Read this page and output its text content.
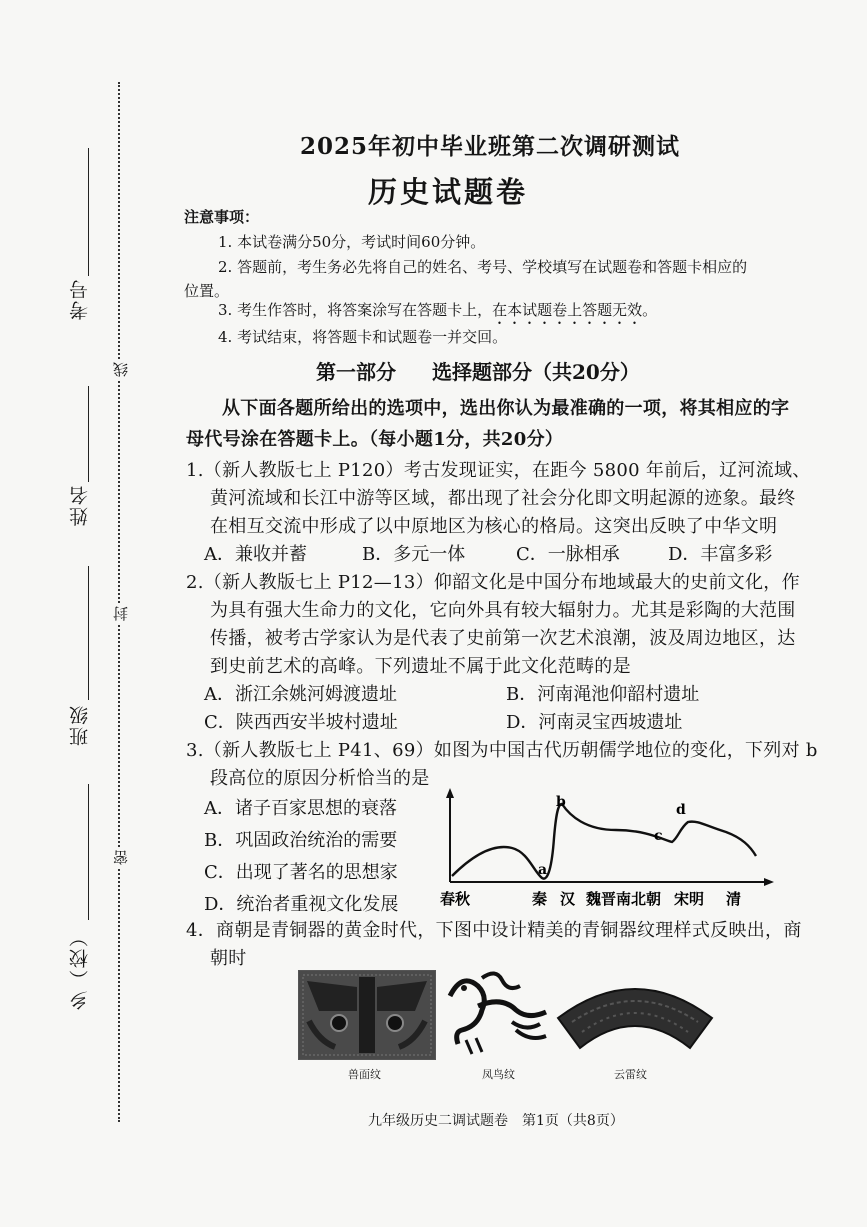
考号
姓名
班级
乡（校）
线
封
密
2025年初中毕业班第二次调研测试
历史试题卷
注意事项：
1. 本试卷满分50分，考试时间60分钟。
2. 答题前，考生务必先将自己的姓名、考号、学校填写在试题卷和答题卡相应的
位置。
3. 考生作答时，将答案涂写在答题卡上，在本试题卷上答题无效。
4. 考试结束，将答题卡和试题卷一并交回。
第一部分 选择题部分（共20分）
从下面各题所给出的选项中，选出你认为最准确的一项，将其相应的字
母代号涂在答题卡上。（每小题1分，共20分）
1.（新人教版七上 P120）考古发现证实，在距今 5800 年前后，辽河流域、
黄河流域和长江中游等区域，都出现了社会分化即文明起源的迹象。最终
在相互交流中形成了以中原地区为核心的格局。这突出反映了中华文明
A．兼收并蓄	B．多元一体	C．一脉相承	D．丰富多彩
2.（新人教版七上 P12—13）仰韶文化是中国分布地域最大的史前文化，作
为具有强大生命力的文化，它向外具有较大辐射力。尤其是彩陶的大范围
传播，被考古学家认为是代表了史前第一次艺术浪潮，波及周边地区，达
到史前艺术的高峰。下列遗址不属于此文化范畴的是
A．浙江余姚河姆渡遗址	B．河南渑池仰韶村遗址
C．陕西西安半坡村遗址	D．河南灵宝西坡遗址
3.（新人教版七上 P41、69）如图为中国古代历朝儒学地位的变化，下列对 b
段高位的原因分析恰当的是
A．诸子百家思想的衰落
B．巩固政治统治的需要
C．出现了著名的思想家
D．统治者重视文化发展
a
b
c
d
春秋	秦 汉 魏晋南北朝 宋明 清
4．商朝是青铜器的黄金时代，下图中设计精美的青铜器纹理样式反映出，商
朝时
兽面纹	凤鸟纹	云雷纹
九年级历史二调试题卷　第1页（共8页）
